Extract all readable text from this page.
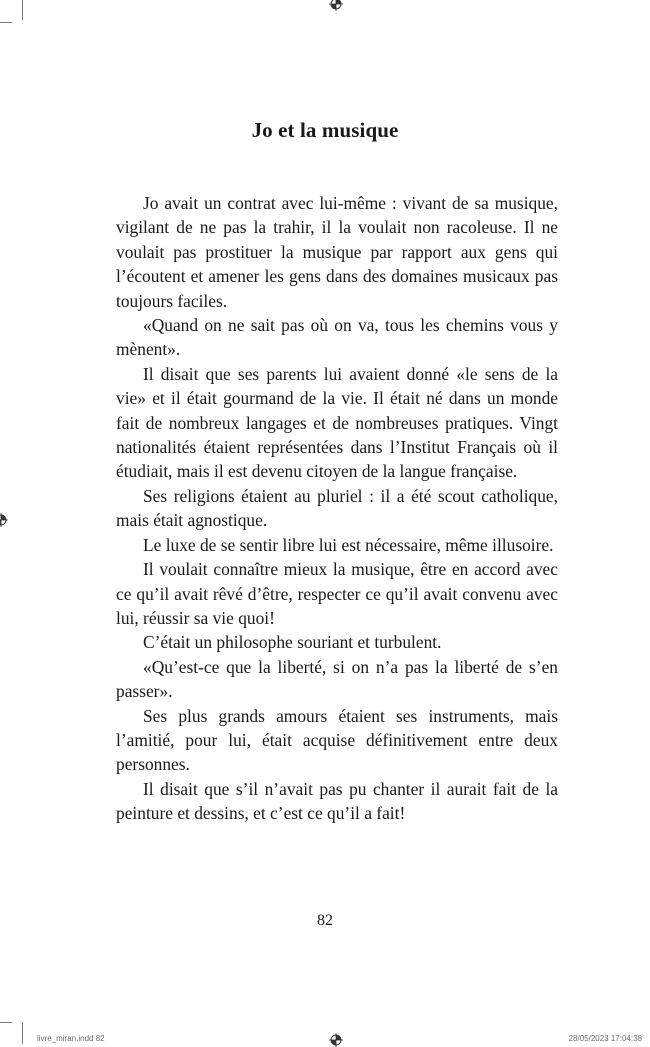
Jo et la musique

Jo avait un contrat avec lui-même : vivant de sa musique, vigilant de ne pas la trahir, il la voulait non racoleuse. Il ne voulait pas prostituer la musique par rapport aux gens qui l’écoutent et amener les gens dans des domaines musicaux pas toujours faciles.

«Quand on ne sait pas où on va, tous les chemins vous y mènent».

Il disait que ses parents lui avaient donné «le sens de la vie» et il était gourmand de la vie. Il était né dans un monde fait de nombreux langages et de nombreuses pratiques. Vingt nationalités étaient représentées dans l’Institut Français où il étudiait, mais il est devenu citoyen de la langue française.

Ses religions étaient au pluriel : il a été scout catholique, mais était agnostique.

Le luxe de se sentir libre lui est nécessaire, même illusoire.

Il voulait connaître mieux la musique, être en accord avec ce qu’il avait rêvé d’être, respecter ce qu’il avait convenu avec lui, réussir sa vie quoi!

C’était un philosophe souriant et turbulent.

«Qu’est-ce que la liberté, si on n’a pas la liberté de s’en passer».

Ses plus grands amours étaient ses instruments, mais l’amitié, pour lui, était acquise définitivement entre deux personnes.

Il disait que s’il n’avait pas pu chanter il aurait fait de la peinture et dessins, et c’est ce qu’il a fait!

82
livre_miran.indd 82	28/05/2023 17:04:38
